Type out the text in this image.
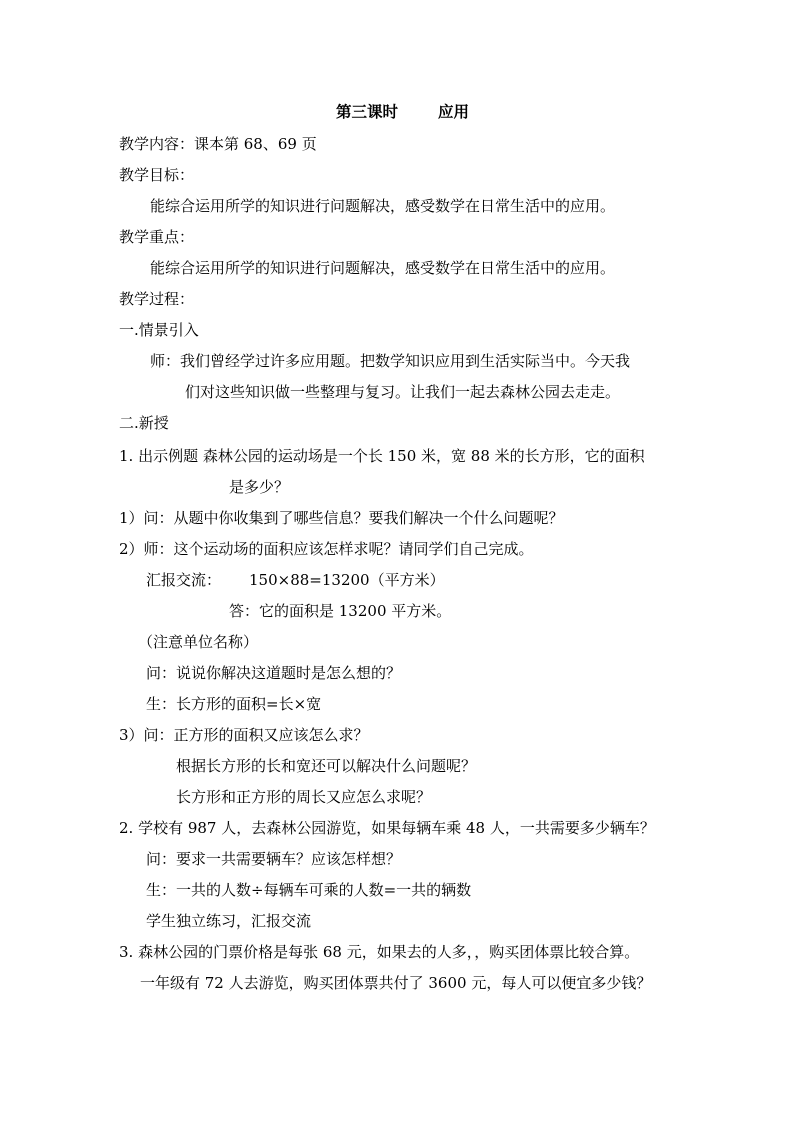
第三课时	应用
教学内容：课本第 68、69 页
教学目标：
能综合运用所学的知识进行问题解决，感受数学在日常生活中的应用。
教学重点：
能综合运用所学的知识进行问题解决，感受数学在日常生活中的应用。
教学过程：
一.情景引入
师：我们曾经学过许多应用题。把数学知识应用到生活实际当中。今天我
们对这些知识做一些整理与复习。让我们一起去森林公园去走走。
二.新授
1. 出示例题 森林公园的运动场是一个长 150 米，宽 88 米的长方形，它的面积
是多少？
1）问：从题中你收集到了哪些信息？要我们解决一个什么问题呢？
2）师：这个运动场的面积应该怎样求呢？请同学们自己完成。
汇报交流： 150×88=13200（平方米）
答：它的面积是 13200 平方米。
（注意单位名称）
问：说说你解决这道题时是怎么想的？
生：长方形的面积=长×宽
3）问：正方形的面积又应该怎么求？
根据长方形的长和宽还可以解决什么问题呢？
长方形和正方形的周长又应怎么求呢？
2. 学校有 987 人，去森林公园游览，如果每辆车乘 48 人，一共需要多少辆车？
问：要求一共需要辆车？应该怎样想？
生：一共的人数÷每辆车可乘的人数=一共的辆数
学生独立练习，汇报交流
3. 森林公园的门票价格是每张 68 元，如果去的人多，，购买团体票比较合算。
一年级有 72 人去游览，购买团体票共付了 3600 元，每人可以便宜多少钱？
